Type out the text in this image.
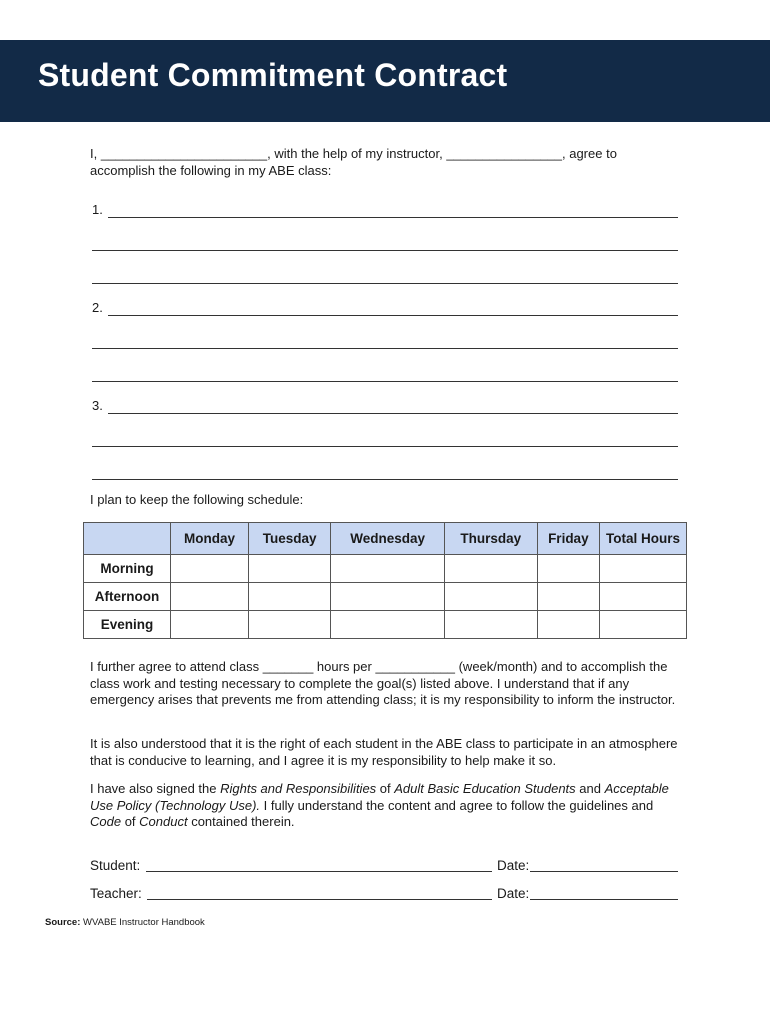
Student Commitment Contract

I, _______________________, with the help of my instructor, ________________, agree to
accomplish the following in my ABE class:

1.
2.
3.
I plan to keep the following schedule:
	Monday	Tuesday	Wednesday	Thursday	Friday	Total Hours
Morning						
Afternoon						
Evening						

I further agree to attend class _______ hours per ___________ (week/month) and to accomplish the class work and testing necessary to complete the goal(s) listed above. I understand that if any emergency arises that prevents me from attending class; it is my responsibility to inform the instructor.

It is also understood that it is the right of each student in the ABE class to participate in an atmosphere that is conducive to learning, and I agree it is my responsibility to help make it so.

I have also signed the Rights and Responsibilities of Adult Basic Education Students and Acceptable Use Policy (Technology Use). I fully understand the content and agree to follow the guidelines and Code of Conduct contained therein.

Student:	Date:
Teacher:	Date:
Source: WVABE Instructor Handbook
